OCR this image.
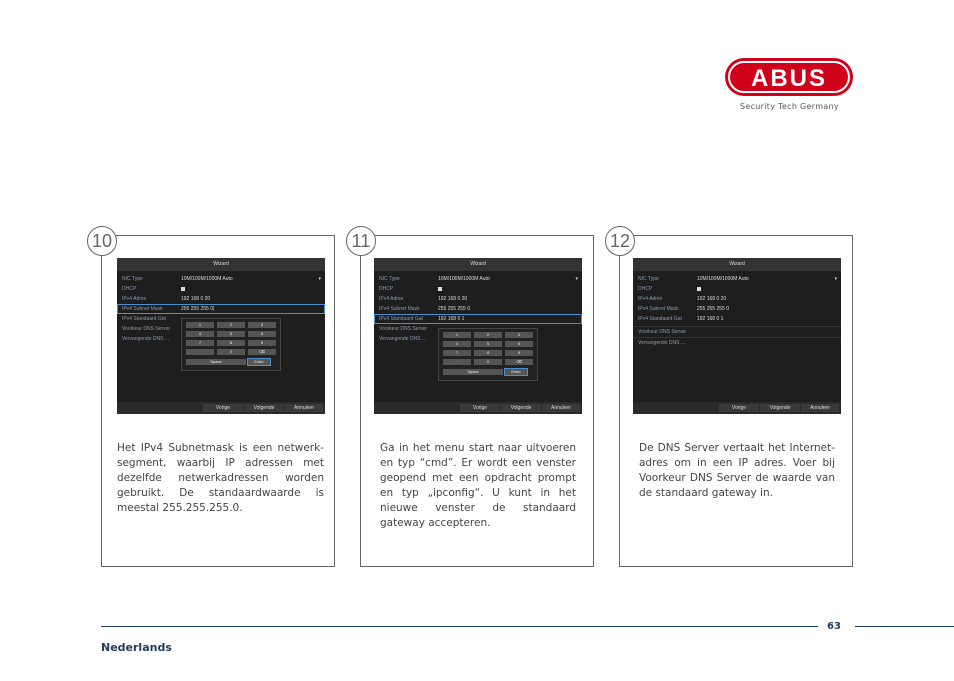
ABUS
Security Tech Germany
Wizard
NIC Type	10M/100M/1000M Auto	▾
DHCP
IPv4 Adres	192 168 0 20
IPv4 Subnet Mask	255 255 255 0|
IPv4 Standaard Gat
Voorkeur DNS Server
Vervangende DNS ...
1	2	3
4	5	6
7	8	9
·	0	⌫
Space	Enter
Vorige	Volgende	Annuleer
Het IPv4 Subnetmask is een netwerk-segment, waarbij IP adressen met dezelfde netwerkadressen worden gebruikt. De standaardwaarde is meestal 255.255.255.0.
10
Wizard
NIC Type	10M/100M/1000M Auto	▾
DHCP
IPv4 Adres	192 168 0 20
IPv4 Subnet Mask	255 255 255 0
IPv4 Standaard Gat	192 168 0 1
Voorkeur DNS Server
Vervangende DNS ...
1	2	3
4	5	6
7	8	9
·	0	⌫
Space	Enter
Vorige	Volgende	Annuleer
Ga in het menu start naar uitvoeren en typ “cmd”. Er wordt een venster geopend met een opdracht prompt en typ „ipconfig“. U kunt in het nieuwe venster de standaard gateway accepteren.
11
Wizard
NIC Type	10M/100M/1000M Auto	▾
DHCP
IPv4 Adres	192 168 0 20
IPv4 Subnet Mask	255 255 255 0
IPv4 Standaard Gat	192 168 0 1
Voorkeur DNS Server
Vervangende DNS ...
Vorige	Volgende	Annuleer
De DNS Server vertaalt het Internet-adres om in een IP adres. Voer bij Voorkeur DNS Server de waarde van de standaard gateway in.
12
63
Nederlands
